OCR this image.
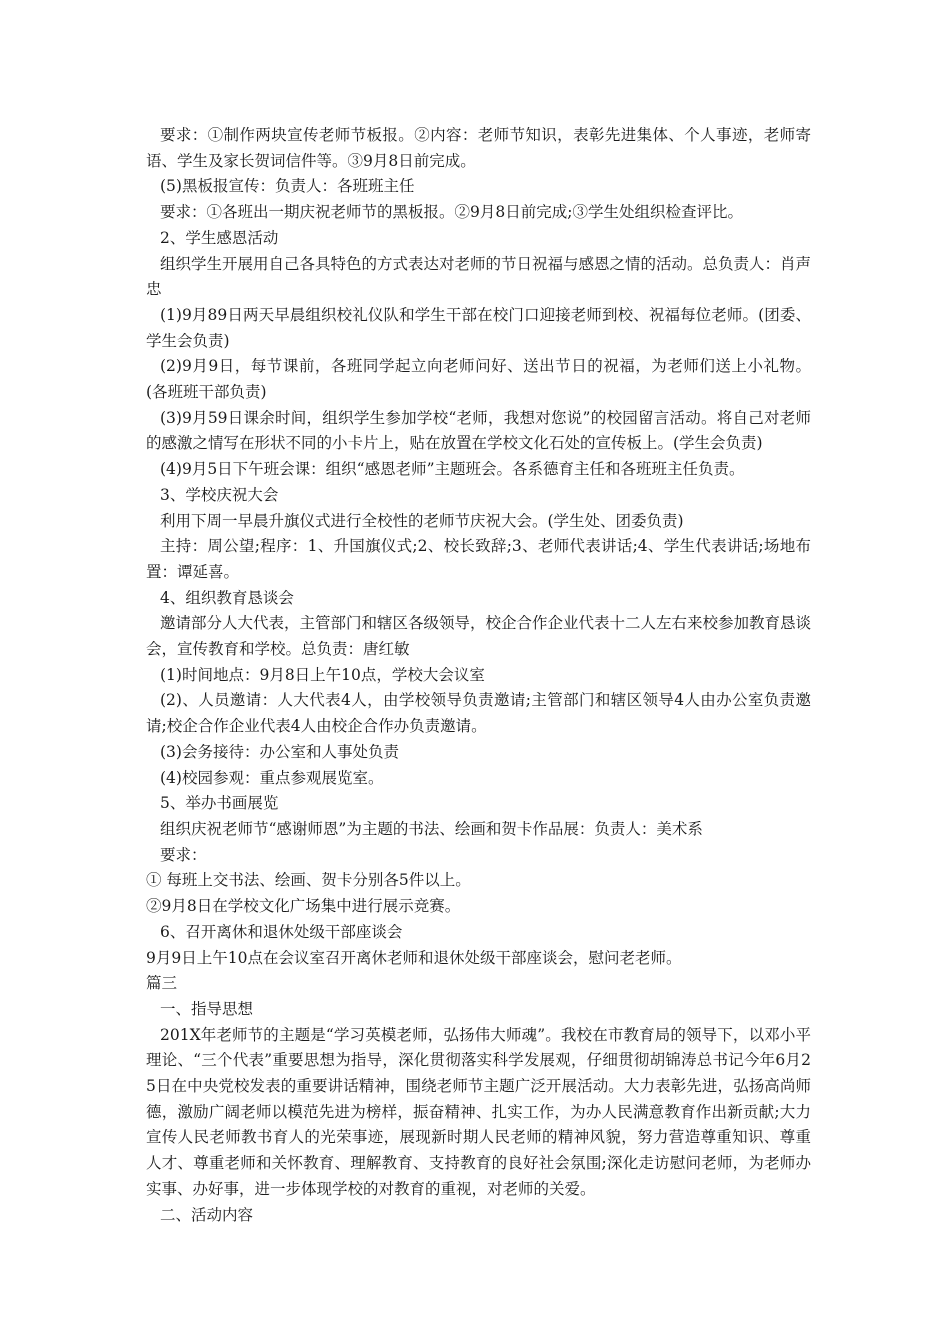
要求：①制作两块宣传老师节板报。②内容：老师节知识，表彰先进集体、个人事迹，老师寄语、学生及家长贺词信件等。③9月8日前完成。

(5)黑板报宣传：负责人：各班班主任

要求：①各班出一期庆祝老师节的黑板报。②9月8日前完成;③学生处组织检查评比。

2、学生感恩活动

组织学生开展用自己各具特色的方式表达对老师的节日祝福与感恩之情的活动。总负责人：肖声忠

(1)9月89日两天早晨组织校礼仪队和学生干部在校门口迎接老师到校、祝福每位老师。(团委、学生会负责)

(2)9月9日，每节课前，各班同学起立向老师问好、送出节日的祝福，为老师们送上小礼物。(各班班干部负责)

(3)9月59日课余时间，组织学生参加学校“老师，我想对您说”的校园留言活动。将自己对老师的感激之情写在形状不同的小卡片上，贴在放置在学校文化石处的宣传板上。(学生会负责)

(4)9月5日下午班会课：组织“感恩老师”主题班会。各系德育主任和各班班主任负责。

3、学校庆祝大会

利用下周一早晨升旗仪式进行全校性的老师节庆祝大会。(学生处、团委负责)

主持：周公望;程序：1、升国旗仪式;2、校长致辞;3、老师代表讲话;4、学生代表讲话;场地布置：谭延喜。

4、组织教育恳谈会

邀请部分人大代表，主管部门和辖区各级领导，校企合作企业代表十二人左右来校参加教育恳谈会，宣传教育和学校。总负责：唐红敏

(1)时间地点：9月8日上午10点，学校大会议室

(2)、人员邀请：人大代表4人，由学校领导负责邀请;主管部门和辖区领导4人由办公室负责邀请;校企合作企业代表4人由校企合作办负责邀请。

(3)会务接待：办公室和人事处负责

(4)校园参观：重点参观展览室。

5、举办书画展览

组织庆祝老师节“感谢师恩”为主题的书法、绘画和贺卡作品展：负责人：美术系

要求：

① 每班上交书法、绘画、贺卡分别各5件以上。

②9月8日在学校文化广场集中进行展示竞赛。

6、召开离休和退休处级干部座谈会

9月9日上午10点在会议室召开离休老师和退休处级干部座谈会，慰问老老师。

篇三

一、指导思想

201X年老师节的主题是“学习英模老师，弘扬伟大师魂”。我校在市教育局的领导下，以邓小平理论、“三个代表”重要思想为指导，深化贯彻落实科学发展观，仔细贯彻胡锦涛总书记今年6月25日在中央党校发表的重要讲话精神，围绕老师节主题广泛开展活动。大力表彰先进，弘扬高尚师德，激励广阔老师以模范先进为榜样，振奋精神、扎实工作，为办人民满意教育作出新贡献;大力宣传人民老师教书育人的光荣事迹，展现新时期人民老师的精神风貌，努力营造尊重知识、尊重人才、尊重老师和关怀教育、理解教育、支持教育的良好社会氛围;深化走访慰问老师，为老师办实事、办好事，进一步体现学校的对教育的重视，对老师的关爱。

二、活动内容
